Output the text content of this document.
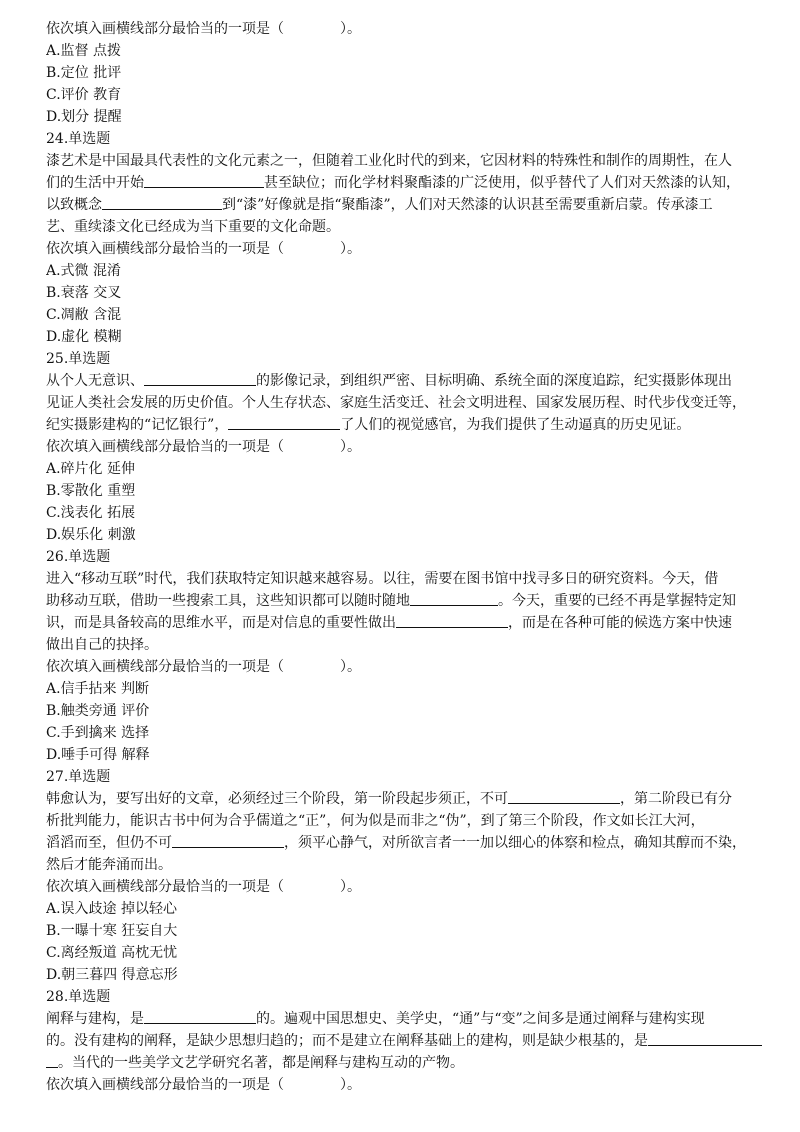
依次填入画横线部分最恰当的一项是（　　　　）。
A.监督 点拨
B.定位 批评
C.评价 教育
D.划分 提醒
24.单选题
漆艺术是中国最具代表性的文化元素之一，但随着工业化时代的到来，它因材料的特殊性和制作的周期性，在人
们的生活中开始	甚至缺位；而化学材料聚酯漆的广泛使用，似乎替代了人们对天然漆的认知，
以致概念	到“漆”好像就是指“聚酯漆”，人们对天然漆的认识甚至需要重新启蒙。传承漆工
艺、重续漆文化已经成为当下重要的文化命题。
依次填入画横线部分最恰当的一项是（　　　　）。
A.式微 混淆
B.衰落 交叉
C.凋敝 含混
D.虚化 模糊
25.单选题
从个人无意识、	的影像记录，到组织严密、目标明确、系统全面的深度追踪，纪实摄影体现出
见证人类社会发展的历史价值。个人生存状态、家庭生活变迁、社会文明进程、国家发展历程、时代步伐变迁等，
纪实摄影建构的“记忆银行”，	了人们的视觉感官，为我们提供了生动逼真的历史见证。
依次填入画横线部分最恰当的一项是（　　　　）。
A.碎片化 延伸
B.零散化 重塑
C.浅表化 拓展
D.娱乐化 刺激
26.单选题
进入“移动互联”时代，我们获取特定知识越来越容易。以往，需要在图书馆中找寻多日的研究资料。今天，借
助移动互联，借助一些搜索工具，这些知识都可以随时随地	。今天，重要的已经不再是掌握特定知
识，而是具备较高的思维水平，而是对信息的重要性做出	，而是在各种可能的候选方案中快速
做出自己的抉择。
依次填入画横线部分最恰当的一项是（　　　　）。
A.信手拈来 判断
B.触类旁通 评价
C.手到擒来 选择
D.唾手可得 解释
27.单选题
韩愈认为，要写出好的文章，必须经过三个阶段，第一阶段起步须正，不可	，第二阶段已有分
析批判能力，能识古书中何为合乎儒道之“正”，何为似是而非之“伪”，到了第三个阶段，作文如长江大河，
滔滔而至，但仍不可	，须平心静气，对所欲言者一一加以细心的体察和检点，确知其醇而不染，
然后才能奔涌而出。
依次填入画横线部分最恰当的一项是（　　　　）。
A.误入歧途 掉以轻心
B.一曝十寒 狂妄自大
C.离经叛道 高枕无忧
D.朝三暮四 得意忘形
28.单选题
阐释与建构，是	的。遍观中国思想史、美学史，“通”与“变”之间多是通过阐释与建构实现
的。没有建构的阐释，是缺少思想归趋的；而不是建立在阐释基础上的建构，则是缺少根基的，是
。当代的一些美学文艺学研究名著，都是阐释与建构互动的产物。
依次填入画横线部分最恰当的一项是（　　　　）。
